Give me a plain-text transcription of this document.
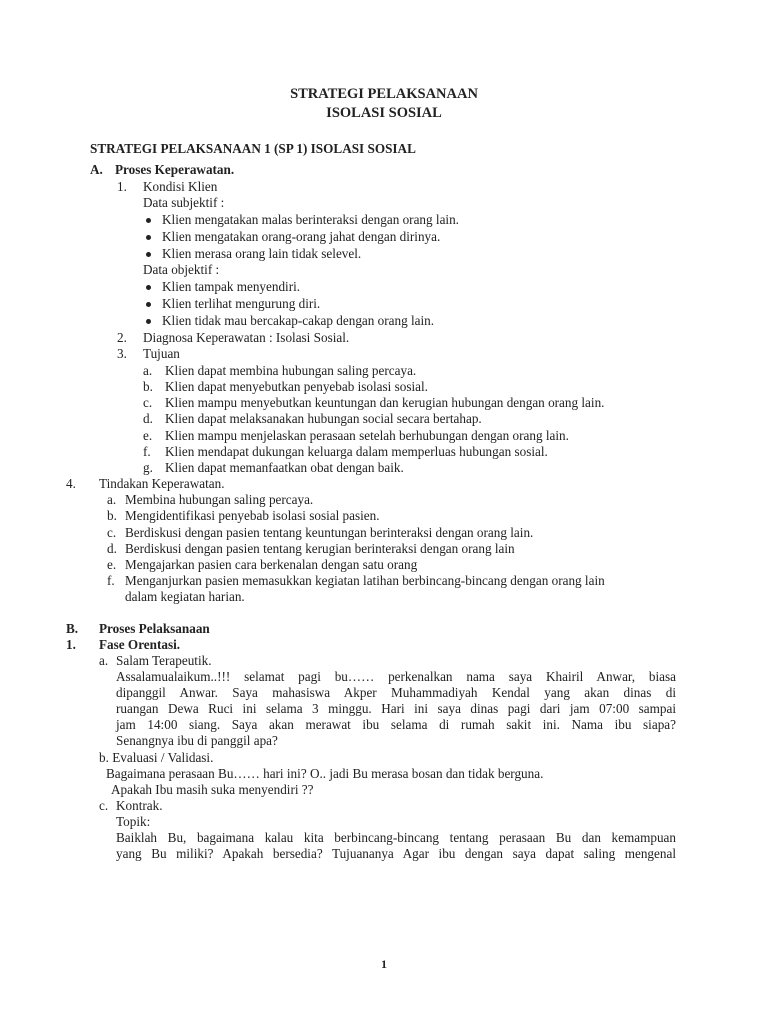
STRATEGI PELAKSANAAN
ISOLASI SOSIAL
STRATEGI PELAKSANAAN 1 (SP 1) ISOLASI SOSIAL
A. Proses Keperawatan.
1. Kondisi Klien
Data subjektif :
Klien mengatakan malas berinteraksi dengan orang lain.
Klien mengatakan orang-orang jahat dengan dirinya.
Klien merasa orang lain tidak selevel.
Data objektif :
Klien tampak menyendiri.
Klien terlihat mengurung diri.
Klien tidak mau bercakap-cakap dengan orang lain.
2. Diagnosa Keperawatan : Isolasi Sosial.
3. Tujuan
a. Klien dapat membina hubungan saling percaya.
b. Klien dapat menyebutkan penyebab isolasi sosial.
c. Klien mampu menyebutkan keuntungan dan kerugian hubungan dengan orang lain.
d. Klien dapat melaksanakan hubungan social secara bertahap.
e. Klien mampu menjelaskan perasaan setelah berhubungan dengan orang lain.
f. Klien mendapat dukungan keluarga dalam memperluas hubungan sosial.
g. Klien dapat memanfaatkan obat dengan baik.
4. Tindakan Keperawatan.
a. Membina hubungan saling percaya.
b. Mengidentifikasi penyebab isolasi sosial pasien.
c. Berdiskusi dengan pasien tentang keuntungan berinteraksi dengan orang lain.
d. Berdiskusi dengan pasien tentang kerugian berinteraksi dengan orang lain
e. Mengajarkan pasien cara berkenalan dengan satu orang
f. Menganjurkan pasien memasukkan kegiatan latihan berbincang-bincang dengan orang lain
dalam kegiatan harian.
B. Proses Pelaksanaan
1. Fase Orentasi.
a. Salam Terapeutik.
Assalamualaikum..!!! selamat pagi bu…… perkenalkan nama saya Khairil Anwar, biasa
dipanggil Anwar. Saya mahasiswa Akper Muhammadiyah Kendal yang akan dinas di
ruangan Dewa Ruci ini selama 3 minggu. Hari ini saya dinas pagi dari jam 07:00 sampai
jam 14:00 siang. Saya akan merawat ibu selama di rumah sakit ini. Nama ibu siapa?
Senangnya ibu di panggil apa?
b. Evaluasi / Validasi.
Bagaimana perasaan Bu…… hari ini? O.. jadi Bu merasa bosan dan tidak berguna.
Apakah Ibu masih suka menyendiri ??
c. Kontrak.
Topik:
Baiklah Bu, bagaimana kalau kita berbincang-bincang tentang perasaan Bu dan kemampuan
yang Bu miliki? Apakah bersedia? Tujuananya Agar ibu dengan saya dapat saling mengenal
1
